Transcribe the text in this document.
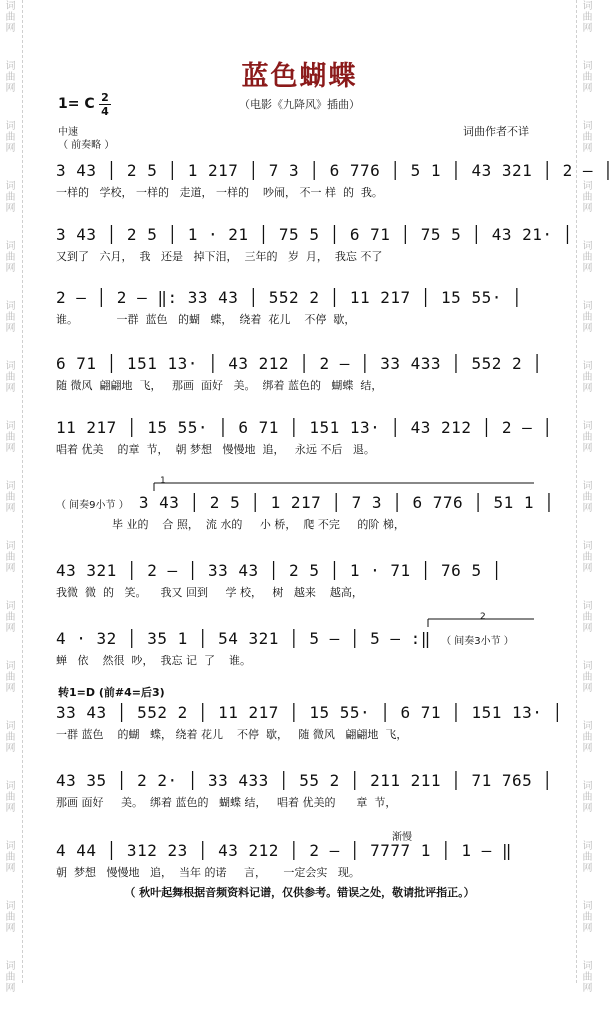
词曲网
词曲网
词曲网
词曲网
词曲网
词曲网
词曲网
词曲网
词曲网
词曲网
词曲网
词曲网
词曲网
词曲网
词曲网
词曲网
词曲网
词曲网
词曲网
词曲网
词曲网
词曲网
词曲网
词曲网
词曲网
词曲网
词曲网
词曲网
词曲网
词曲网
词曲网
词曲网
词曲网
词曲网
蓝色蝴蝶
（电影《九降风》插曲）
1= C 2
4
中速
（ 前奏略 ）
词曲作者不详
3 43 │ 2 5 │ 1 217 │ 7 3 │ 6 776 │ 5 1 │ 43 321 │ 2 – │
一样的   学校， 一样的   走道， 一样的    吵闹， 不一 样  的  我。
3 43 │ 2 5 │ 1 · 21 │ 75 5 │ 6 71 │ 75 5 │ 43 21· │
又到了   六月，  我   还是   掉下泪，  三年的   岁  月，  我忘 不了
2 – │ 2 – ‖: 33 43 │ 552 2 │ 11 217 │ 15 55· │
谁。           一群  蓝色   的蝴   蝶，  绕着  花儿    不停  歇，
6 71 │ 151 13· │ 43 212 │ 2 – │ 33 433 │ 552 2 │
随 微风  翩翩地  飞，   那画  面好   美。  绑着 蓝色的   蝴蝶  结，
11 217 │ 15 55· │ 6 71 │ 151 13· │ 43 212 │ 2 – │
唱着 优美    的章  节，  朝 梦想   慢慢地  追，   永远 不后   退。
1
（ 间奏9小节 ） 3 43 │ 2 5 │ 1 217 │ 7 3 │ 6 776 │ 51 1 │
毕 业的    合 照，  流 水的     小 桥，  爬 不完     的阶 梯，
43 321 │ 2 – │ 33 43 │ 2 5 │ 1 · 71 │ 76 5 │
我微  微  的   笑。    我又 回到     学 校，   树   越来    越高，
2
4 · 32 │ 35 1 │ 54 321 │ 5 – │ 5 – :‖ （ 间奏3小节 ）
蝉   依    然很  吵，  我忘 记  了    谁。
转1=D (前#4=后3)
33 43 │ 552 2 │ 11 217 │ 15 55· │ 6 71 │ 151 13· │
一群 蓝色    的蝴   蝶， 绕着 花儿    不停  歇，   随 微风   翩翩地  飞，
43 35 │ 2 2· │ 33 433 │ 55 2 │ 211 211 │ 71 765 │
那画 面好     美。  绑着 蓝色的   蝴蝶 结，   唱着 优美的      章  节，
渐慢
4 44 │ 312 23 │ 43 212 │ 2 – │ 7777 1 │ 1 – ‖
朝  梦想   慢慢地   追，  当年 的诺     言，     一定会实   现。
（ 秋叶起舞根据音频资料记谱，仅供参考。错误之处，敬请批评指正。）
